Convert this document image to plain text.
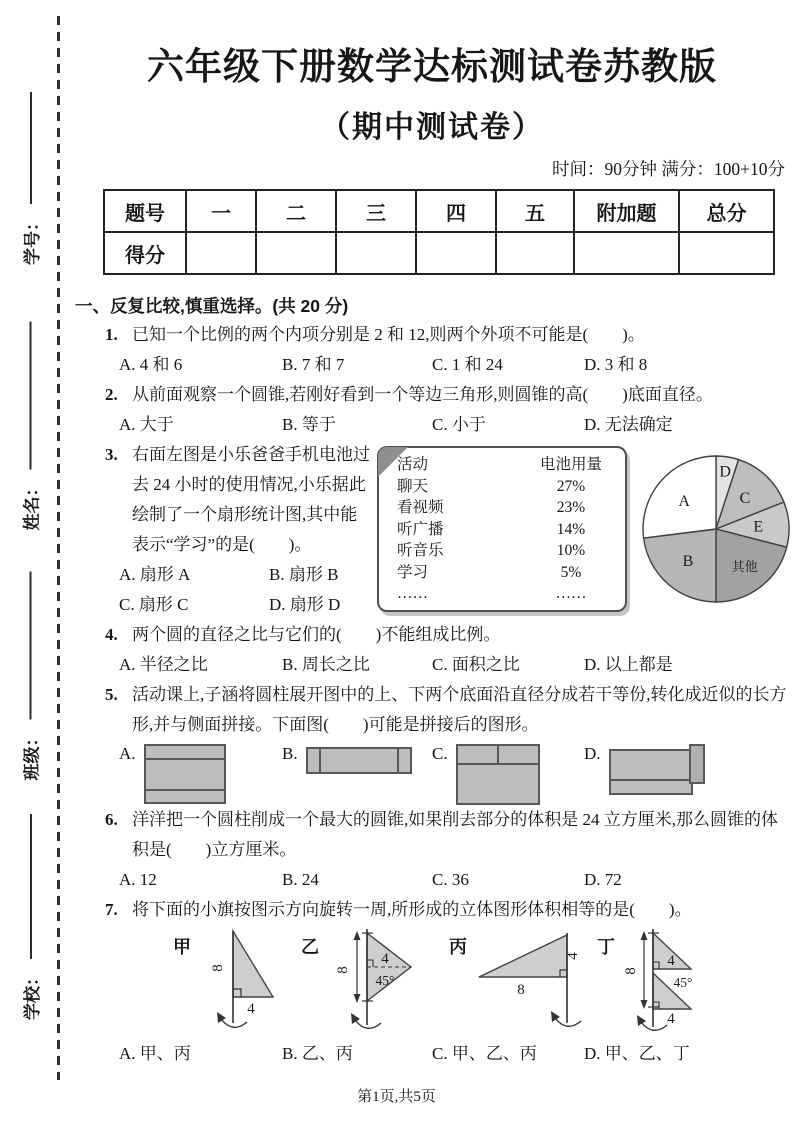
学号：
姓名：
班级：
学校：
六年级下册数学达标测试卷苏教版
（期中测试卷）
时间：90分钟 满分：100+10分
题号	一	二	三	四	五	附加题	总分
得分							
一、反复比较,慎重选择。(共 20 分)
1. 已知一个比例的两个内项分别是 2 和 12,则两个外项不可能是(　　)。
A. 4 和 6	B. 7 和 7	C. 1 和 24	D. 3 和 8
2. 从前面观察一个圆锥,若刚好看到一个等边三角形,则圆锥的高(　　)底面直径。
A. 大于	B. 等于	C. 小于	D. 无法确定
3. 右面左图是小乐爸爸手机电池过去 24 小时的使用情况,小乐据此绘制了一个扇形统计图,其中能表示“学习”的是(　　)。
A. 扇形 A	B. 扇形 B
C. 扇形 C	D. 扇形 D
活动	电池用量
聊天	27%
看视频	23%
听广播	14%
听音乐	10%
学习	5%
……	……
D
C
E
其他
B
A
4. 两个圆的直径之比与它们的(　　)不能组成比例。
A. 半径之比	B. 周长之比	C. 面积之比	D. 以上都是
5. 活动课上,子涵将圆柱展开图中的上、下两个底面沿直径分成若干等份,转化成近似的长方形,并与侧面拼接。下面图(　　)可能是拼接后的图形。
A.	B.	C.	D.
6. 洋洋把一个圆柱削成一个最大的圆锥,如果削去部分的体积是 24 立方厘米,那么圆锥的体积是(　　)立方厘米。
A. 12	B. 24	C. 36	D. 72
7. 将下面的小旗按图示方向旋转一周,所形成的立体图形体积相等的是(　　)。
甲
8
4
乙
8
4
45°
丙
8
4 丁
8
4
45°
4
A. 甲、丙	B. 乙、丙	C. 甲、乙、丙	D. 甲、乙、丁
第1页,共5页
